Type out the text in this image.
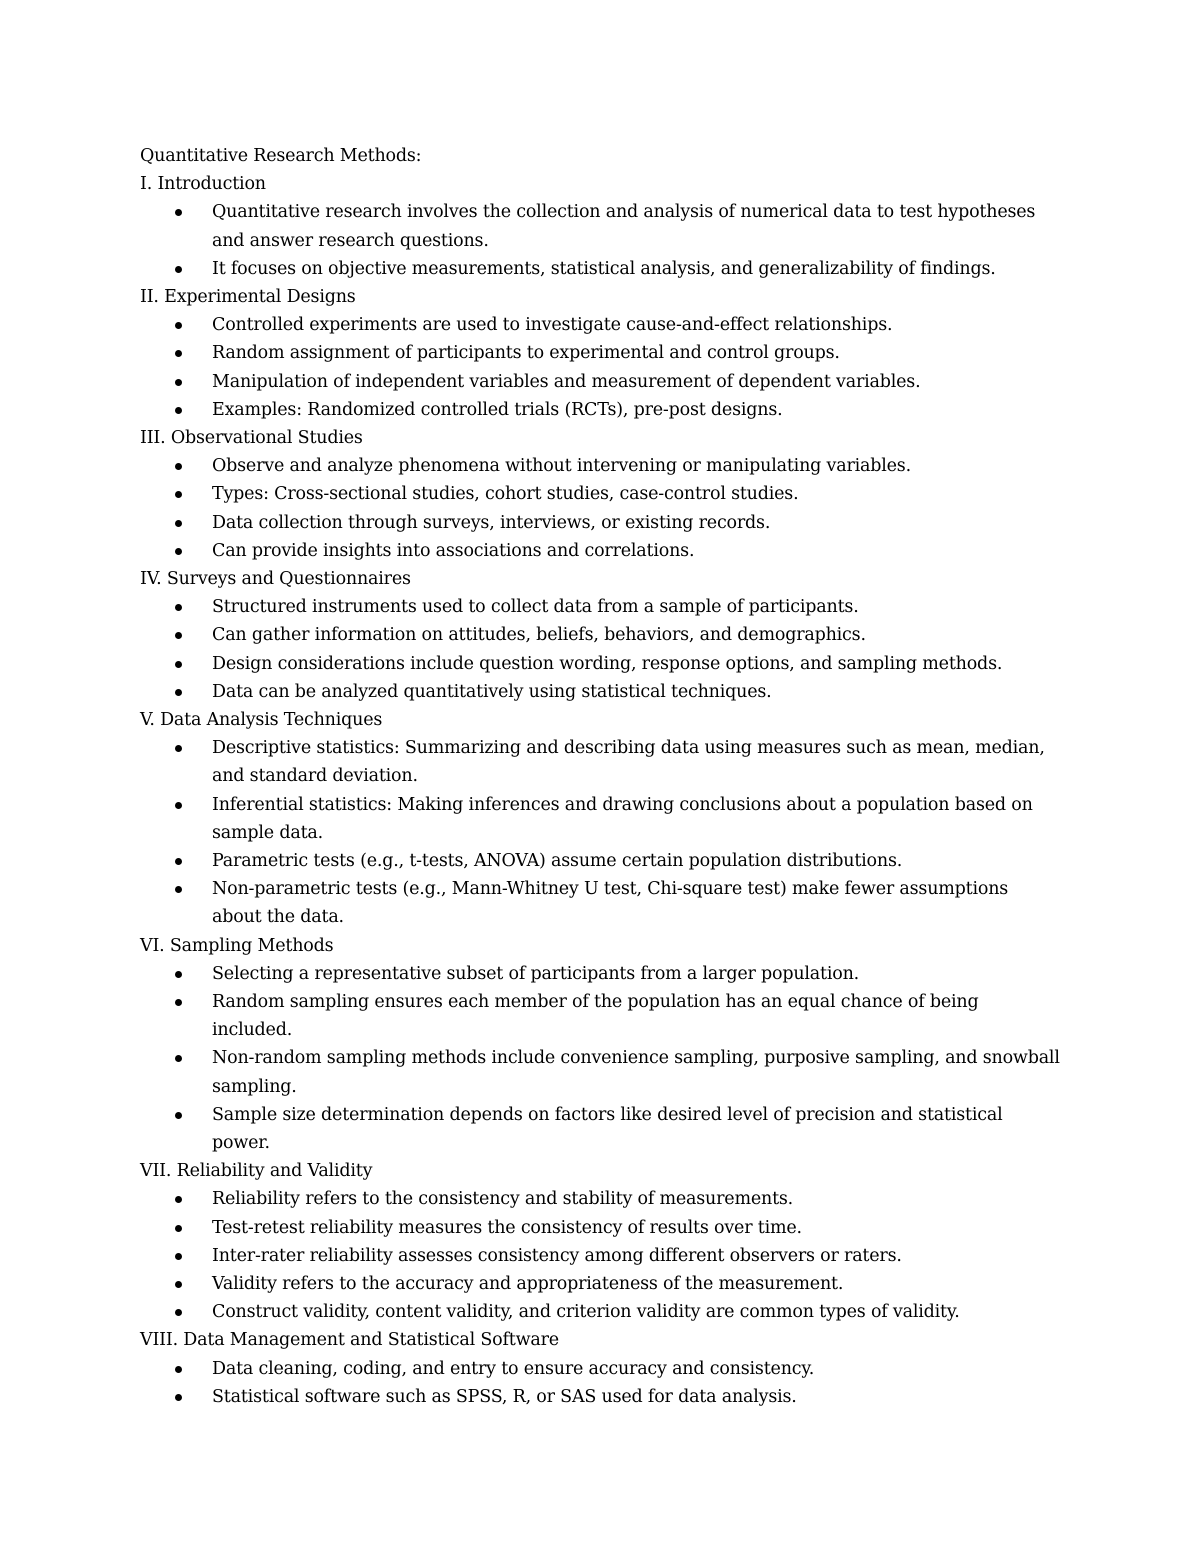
Quantitative Research Methods:
I. Introduction
Quantitative research involves the collection and analysis of numerical data to test hypotheses and answer research questions.
It focuses on objective measurements, statistical analysis, and generalizability of findings.
II. Experimental Designs
Controlled experiments are used to investigate cause-and-effect relationships.
Random assignment of participants to experimental and control groups.
Manipulation of independent variables and measurement of dependent variables.
Examples: Randomized controlled trials (RCTs), pre-post designs.
III. Observational Studies
Observe and analyze phenomena without intervening or manipulating variables.
Types: Cross-sectional studies, cohort studies, case-control studies.
Data collection through surveys, interviews, or existing records.
Can provide insights into associations and correlations.
IV. Surveys and Questionnaires
Structured instruments used to collect data from a sample of participants.
Can gather information on attitudes, beliefs, behaviors, and demographics.
Design considerations include question wording, response options, and sampling methods.
Data can be analyzed quantitatively using statistical techniques.
V. Data Analysis Techniques
Descriptive statistics: Summarizing and describing data using measures such as mean, median, and standard deviation.
Inferential statistics: Making inferences and drawing conclusions about a population based on sample data.
Parametric tests (e.g., t-tests, ANOVA) assume certain population distributions.
Non-parametric tests (e.g., Mann-Whitney U test, Chi-square test) make fewer assumptions about the data.
VI. Sampling Methods
Selecting a representative subset of participants from a larger population.
Random sampling ensures each member of the population has an equal chance of being included.
Non-random sampling methods include convenience sampling, purposive sampling, and snowball sampling.
Sample size determination depends on factors like desired level of precision and statistical power.
VII. Reliability and Validity
Reliability refers to the consistency and stability of measurements.
Test-retest reliability measures the consistency of results over time.
Inter-rater reliability assesses consistency among different observers or raters.
Validity refers to the accuracy and appropriateness of the measurement.
Construct validity, content validity, and criterion validity are common types of validity.
VIII. Data Management and Statistical Software
Data cleaning, coding, and entry to ensure accuracy and consistency.
Statistical software such as SPSS, R, or SAS used for data analysis.
